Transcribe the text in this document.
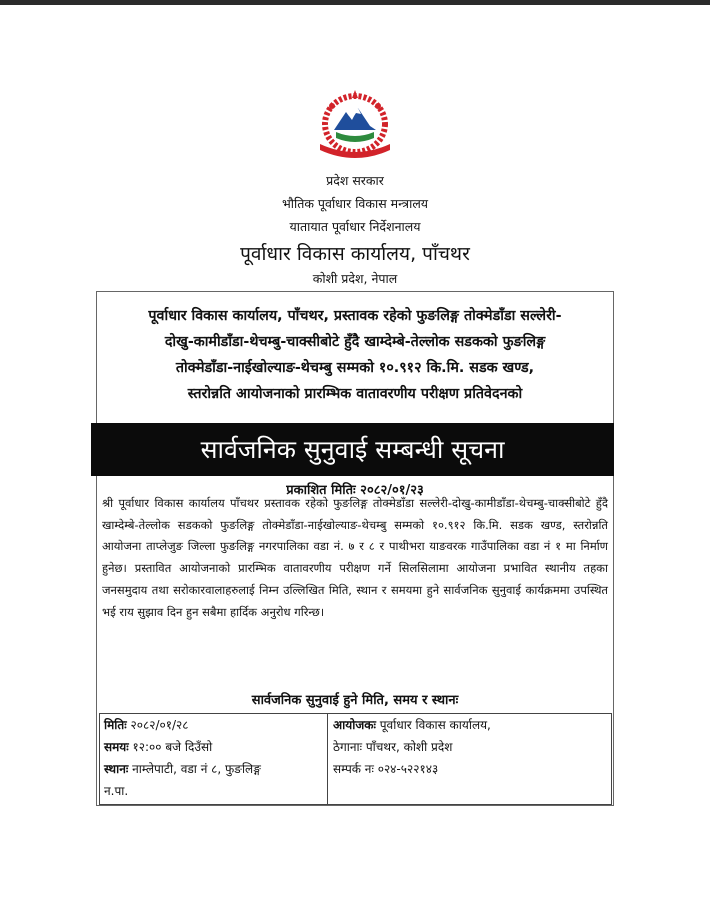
प्रदेश सरकार
भौतिक पूर्वाधार विकास मन्त्रालय
यातायात पूर्वाधार निर्देशनालय
पूर्वाधार विकास कार्यालय, पाँचथर
कोशी प्रदेश, नेपाल
पूर्वाधार विकास कार्यालय, पाँचथर, प्रस्तावक रहेको फुङलिङ्ग तोक्मेडाँडा सल्लेरी-
दोखु-कामीडाँडा-थेचम्बु-चाक्सीबोटे हुँदै खाम्देम्बे-तेल्लोक सडकको फुङलिङ्ग
तोक्मेडाँडा-नाईखोल्याङ-थेचम्बु सम्मको १०.९१२ कि.मि. सडक खण्ड,
स्तरोन्नति आयोजनाको प्रारम्भिक वातावरणीय परीक्षण प्रतिवेदनको
सार्वजनिक सुनुवाई सम्बन्धी सूचना
प्रकाशित मितिः २०८२/०१/२३
श्री पूर्वाधार विकास कार्यालय पाँचथर प्रस्तावक रहेको फुङलिङ्ग तोक्मेडाँडा सल्लेरी-दोखु-कामीडाँडा-थेचम्बु-चाक्सीबोटे हुँदै खाम्देम्बे-तेल्लोक सडकको फुङलिङ्ग तोक्मेडाँडा-नाईखोल्याङ-थेचम्बु सम्मको १०.९१२ कि.मि. सडक खण्ड, स्तरोन्नति आयोजना ताप्लेजुङ जिल्ला फुङलिङ्ग नगरपालिका वडा नं. ७ र ८ र पाथीभरा याङवरक गाउँपालिका वडा नं १ मा निर्माण हुनेछ। प्रस्तावित आयोजनाको प्रारम्भिक वातावरणीय परीक्षण गर्ने सिलसिलामा आयोजना प्रभावित स्थानीय तहका जनसमुदाय तथा सरोकारवालाहरुलाई निम्न उल्लिखित मिति, स्थान र समयमा हुने सार्वजनिक सुनुवाई कार्यक्रममा उपस्थित भई राय सुझाव दिन हुन सबैमा हार्दिक अनुरोध गरिन्छ।
सार्वजनिक सुनुवाई हुने मिति, समय र स्थानः
मितिः २०८२/०१/२८
समयः १२:०० बजे दिउँसो
स्थानः नाम्लेपाटी, वडा नं ८, फुङलिङ्ग
न.पा.
आयोजकः पूर्वाधार विकास कार्यालय,
ठेगानाः पाँचथर, कोशी प्रदेश
सम्पर्क नः ०२४-५२२१४३
